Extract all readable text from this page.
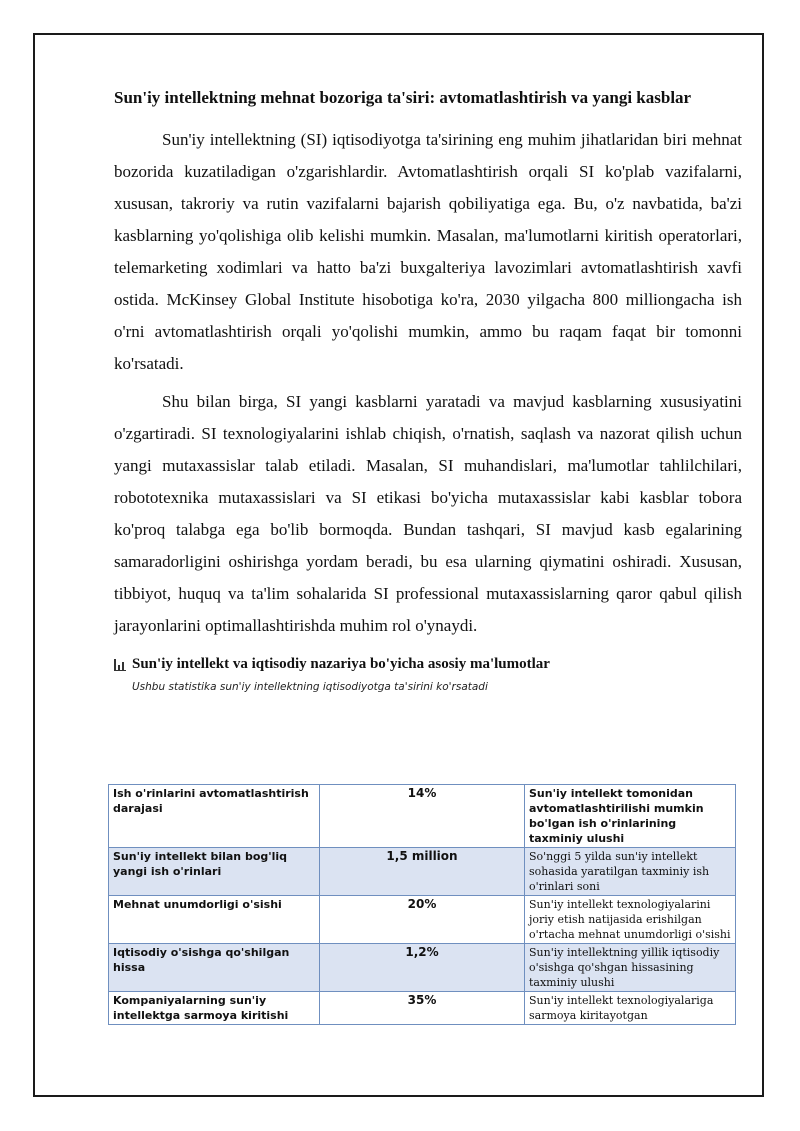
Sun'iy intellektning mehnat bozoriga ta'siri: avtomatlashtirish va yangi kasblar

Sun'iy intellektning (SI) iqtisodiyotga ta'sirining eng muhim jihatlaridan biri mehnat bozorida kuzatiladigan o'zgarishlardir. Avtomatlashtirish orqali SI ko'plab vazifalarni, xususan, takroriy va rutin vazifalarni bajarish qobiliyatiga ega. Bu, o'z navbatida, ba'zi kasblarning yo'qolishiga olib kelishi mumkin. Masalan, ma'lumotlarni kiritish operatorlari, telemarketing xodimlari va hatto ba'zi buxgalteriya lavozimlari avtomatlashtirish xavfi ostida. McKinsey Global Institute hisobotiga ko'ra, 2030 yilgacha 800 milliongacha ish o'rni avtomatlashtirish orqali yo'qolishi mumkin, ammo bu raqam faqat bir tomonni ko'rsatadi.

Shu bilan birga, SI yangi kasblarni yaratadi va mavjud kasblarning xususiyatini o'zgartiradi. SI texnologiyalarini ishlab chiqish, o'rnatish, saqlash va nazorat qilish uchun yangi mutaxassislar talab etiladi. Masalan, SI muhandislari, ma'lumotlar tahlilchilari, robototexnika mutaxassislari va SI etikasi bo'yicha mutaxassislar kabi kasblar tobora ko'proq talabga ega bo'lib bormoqda. Bundan tashqari, SI mavjud kasb egalarining samaradorligini oshirishga yordam beradi, bu esa ularning qiymatini oshiradi. Xususan, tibbiyot, huquq va ta'lim sohalarida SI professional mutaxassislarning qaror qabul qilish jarayonlarini optimallashtirishda muhim rol o'ynaydi.

Sun'iy intellekt va iqtisodiy nazariya bo'yicha asosiy ma'lumotlar
Ushbu statistika sun'iy intellektning iqtisodiyotga ta'sirini ko'rsatadi
Ish o'rinlarini avtomatlashtirish darajasi	14%	Sun'iy intellekt tomonidan avtomatlashtirilishi mumkin bo'lgan ish o'rinlarining taxminiy ulushi
Sun'iy intellekt bilan bog'liq yangi ish o'rinlari	1,5 million	So'nggi 5 yilda sun'iy intellekt sohasida yaratilgan taxminiy ish o'rinlari soni
Mehnat unumdorligi o'sishi	20%	Sun'iy intellekt texnologiyalarini joriy etish natijasida erishilgan o'rtacha mehnat unumdorligi o'sishi
Iqtisodiy o'sishga qo'shilgan hissa	1,2%	Sun'iy intellektning yillik iqtisodiy o'sishga qo'shgan hissasining taxminiy ulushi
Kompaniyalarning sun'iy intellektga sarmoya kiritishi	35%	Sun'iy intellekt texnologiyalariga sarmoya kiritayotgan
